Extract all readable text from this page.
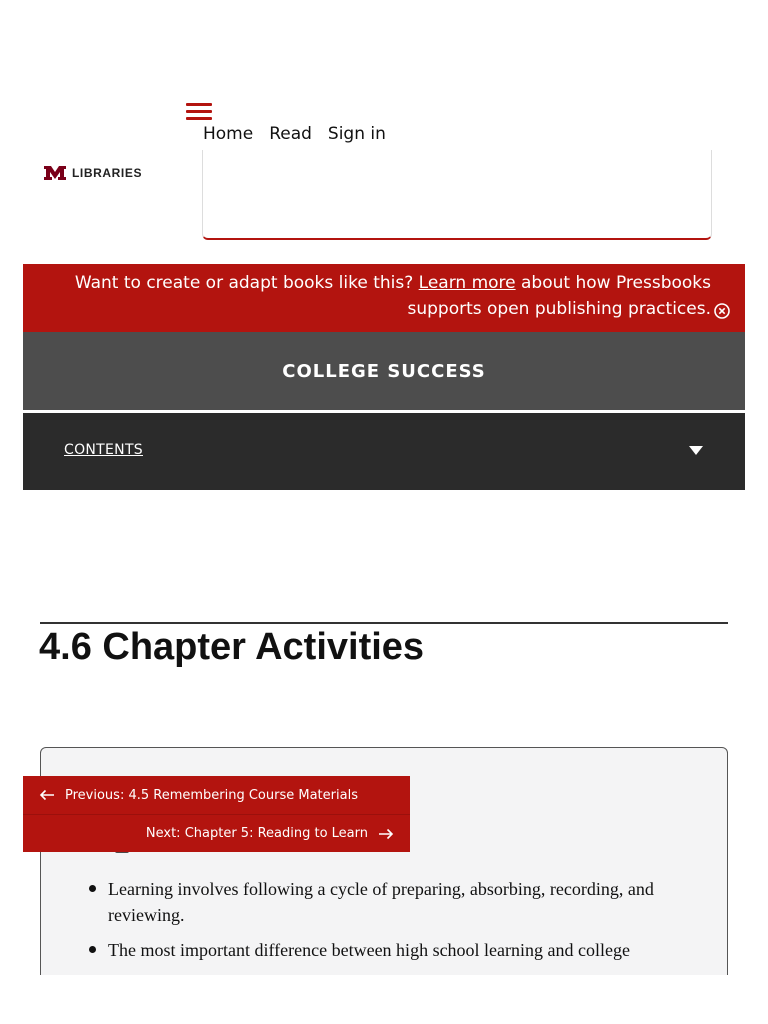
Home Read Sign in
LIBRARIES
Want to create or adapt books like this? Learn more about how Pressbooks supports open publishing practices.
COLLEGE SUCCESS
CONTENTS
4.6 Chapter Activities
Learning involves following a cycle of preparing, absorbing, recording, and reviewing.
The most important difference between high school learning and college
Previous: 4.5 Remembering Course Materials
Next: Chapter 5: Reading to Learn
